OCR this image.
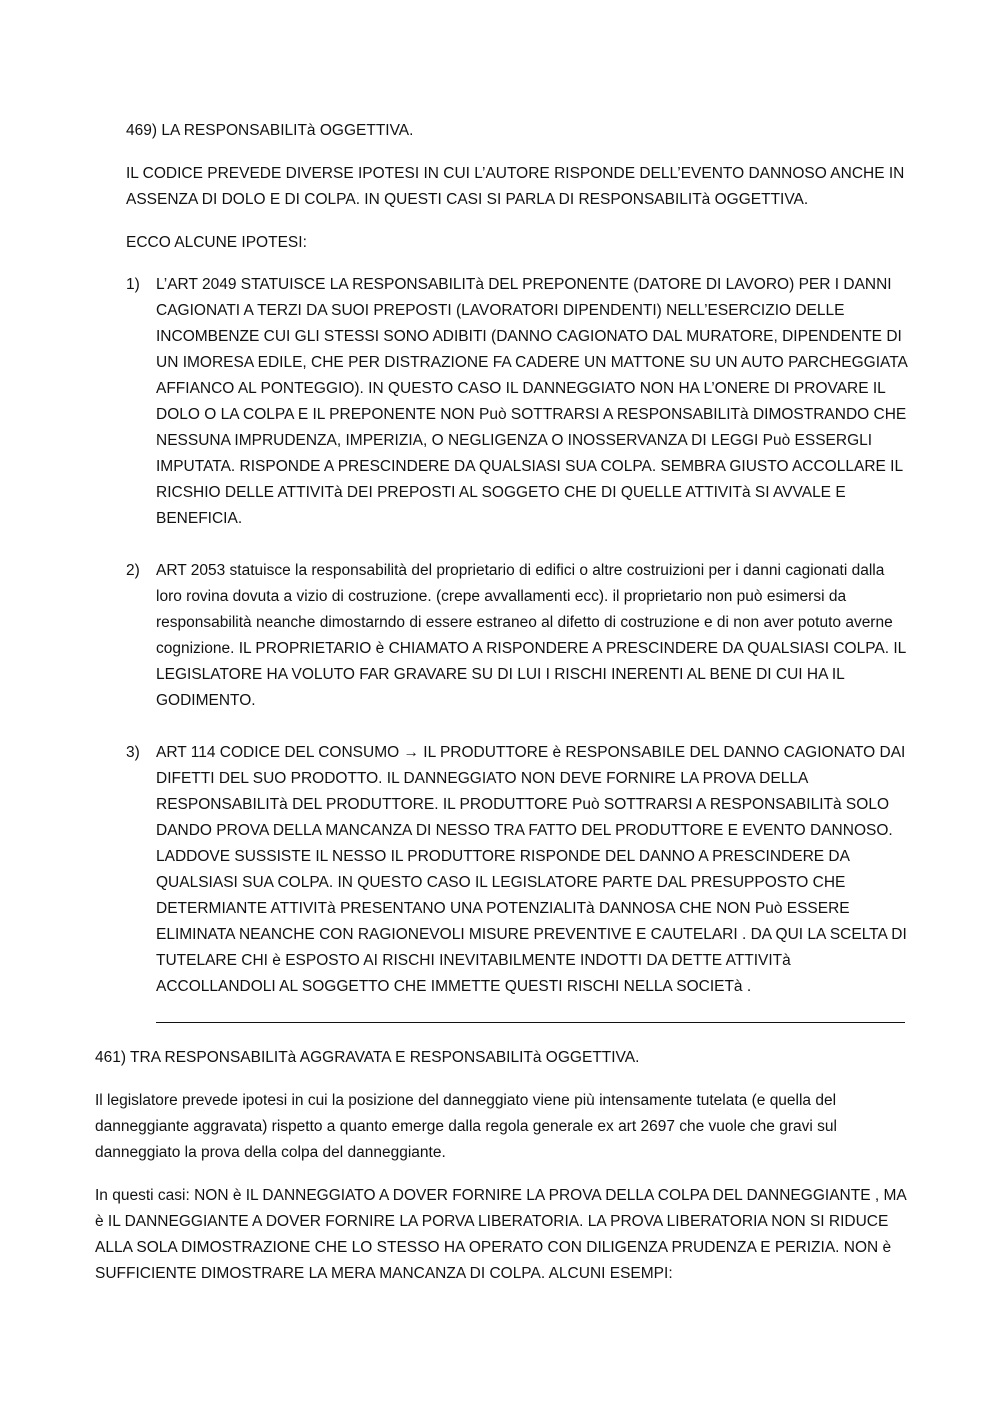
469) LA RESPONSABILITà OGGETTIVA.

IL CODICE PREVEDE DIVERSE IPOTESI IN CUI L’AUTORE RISPONDE DELL’EVENTO DANNOSO ANCHE IN ASSENZA DI DOLO E DI COLPA. IN QUESTI CASI SI PARLA DI RESPONSABILITà OGGETTIVA.

ECCO ALCUNE IPOTESI:

1)	L’ART 2049 STATUISCE LA RESPONSABILITà DEL PREPONENTE (DATORE DI LAVORO) PER I DANNI CAGIONATI A TERZI DA SUOI PREPOSTI (LAVORATORI DIPENDENTI) NELL’ESERCIZIO DELLE INCOMBENZE CUI GLI STESSI SONO ADIBITI (DANNO CAGIONATO DAL MURATORE, DIPENDENTE DI UN IMORESA EDILE, CHE PER DISTRAZIONE FA CADERE UN MATTONE SU UN AUTO PARCHEGGIATA AFFIANCO AL PONTEGGIO). IN QUESTO CASO IL DANNEGGIATO NON HA L’ONERE DI PROVARE IL DOLO O LA COLPA E IL PREPONENTE NON Può SOTTRARSI A RESPONSABILITà DIMOSTRANDO CHE NESSUNA IMPRUDENZA, IMPERIZIA, O NEGLIGENZA O INOSSERVANZA DI LEGGI Può ESSERGLI IMPUTATA. RISPONDE A PRESCINDERE DA QUALSIASI SUA COLPA. SEMBRA GIUSTO ACCOLLARE IL RICSHIO DELLE ATTIVITà DEI PREPOSTI AL SOGGETO CHE DI QUELLE ATTIVITà SI AVVALE E BENEFICIA.

2)	ART 2053 statuisce la responsabilità del proprietario di edifici o altre costruizioni per i danni cagionati dalla loro rovina dovuta a vizio di costruzione. (crepe avvallamenti ecc). il proprietario non può esimersi da responsabilità neanche dimostarndo di essere estraneo al difetto di costruzione e di non aver potuto averne cognizione. IL PROPRIETARIO è CHIAMATO A RISPONDERE A PRESCINDERE DA QUALSIASI COLPA. IL LEGISLATORE HA VOLUTO FAR GRAVARE SU DI LUI I RISCHI INERENTI AL BENE DI CUI HA IL GODIMENTO.

3)	ART 114 CODICE DEL CONSUMO → IL PRODUTTORE è RESPONSABILE DEL DANNO CAGIONATO DAI DIFETTI DEL SUO PRODOTTO. IL DANNEGGIATO NON DEVE FORNIRE LA PROVA DELLA RESPONSABILITà DEL PRODUTTORE. IL PRODUTTORE Può SOTTRARSI A RESPONSABILITà SOLO DANDO PROVA DELLA MANCANZA DI NESSO TRA FATTO DEL PRODUTTORE E EVENTO DANNOSO. LADDOVE SUSSISTE IL NESSO IL PRODUTTORE RISPONDE DEL DANNO A PRESCINDERE DA QUALSIASI SUA COLPA. IN QUESTO CASO IL LEGISLATORE PARTE DAL PRESUPPOSTO CHE DETERMIANTE ATTIVITà PRESENTANO UNA POTENZIALITà DANNOSA CHE NON Può ESSERE ELIMINATA NEANCHE CON RAGIONEVOLI MISURE PREVENTIVE E CAUTELARI . DA QUI LA SCELTA DI TUTELARE CHI è ESPOSTO AI RISCHI INEVITABILMENTE INDOTTI DA DETTE ATTIVITà ACCOLLANDOLI AL SOGGETTO CHE IMMETTE QUESTI RISCHI NELLA SOCIETà .

461) TRA RESPONSABILITà AGGRAVATA E RESPONSABILITà OGGETTIVA.

Il legislatore prevede ipotesi in cui la posizione del danneggiato viene più intensamente tutelata (e quella del danneggiante aggravata) rispetto a quanto emerge dalla regola generale ex art 2697 che vuole che gravi sul danneggiato la prova della colpa del danneggiante.

In questi casi: NON è IL DANNEGGIATO A DOVER FORNIRE LA PROVA DELLA COLPA DEL DANNEGGIANTE , MA è IL DANNEGGIANTE A DOVER FORNIRE LA PORVA LIBERATORIA. LA PROVA LIBERATORIA NON SI RIDUCE ALLA SOLA DIMOSTRAZIONE CHE LO STESSO HA OPERATO CON DILIGENZA PRUDENZA E PERIZIA. NON è SUFFICIENTE DIMOSTRARE LA MERA MANCANZA DI COLPA. ALCUNI ESEMPI:
